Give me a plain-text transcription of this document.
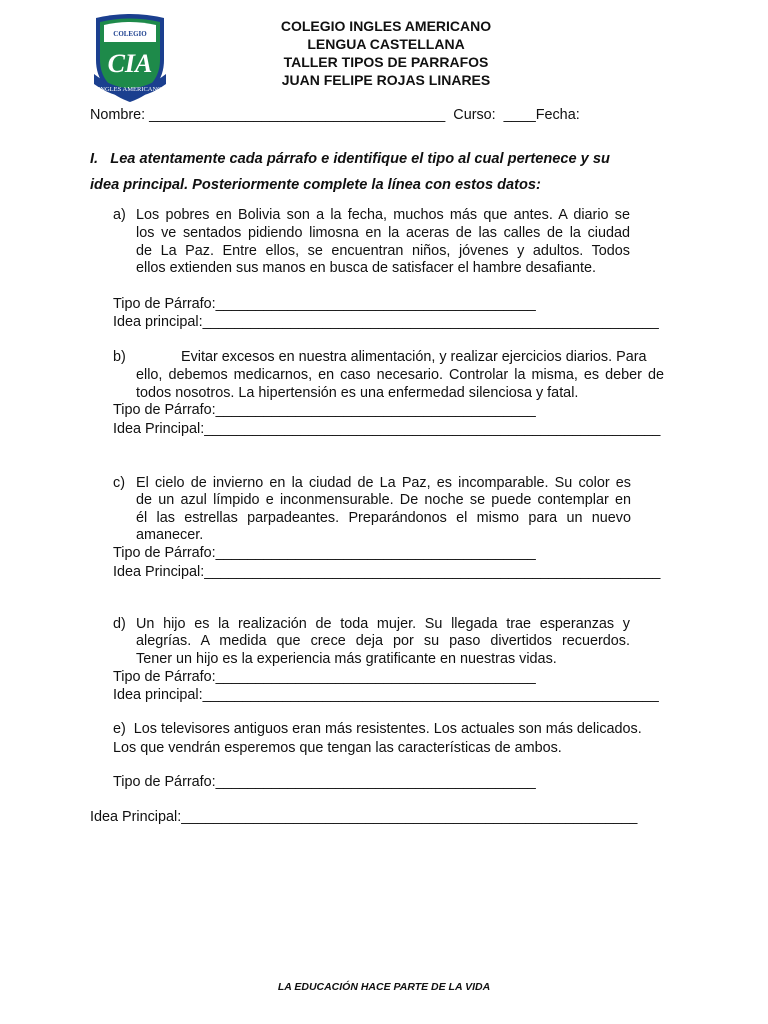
COLEGIO
CIA
INGLES AMERICANO
COLEGIO INGLES AMERICANO
LENGUA CASTELLANA
TALLER TIPOS DE PARRAFOS
JUAN FELIPE ROJAS LINARES
Nombre: _____________________________________  Curso:  ____Fecha:
I.   Lea atentamente cada párrafo e identifique el tipo al cual pertenece y su
idea principal. Posteriormente complete la línea con estos datos:
a) Los pobres en Bolivia son a la fecha, muchos más que antes. A diario se
los ve sentados pidiendo limosna en la aceras de las calles de la ciudad
de La Paz. Entre ellos, se encuentran niños, jóvenes y adultos. Todos
ellos extienden sus manos en busca de satisfacer el hambre desafiante.
Tipo de Párrafo:________________________________________
Idea principal:_________________________________________________________
b)	Evitar excesos en nuestra alimentación, y realizar ejercicios diarios. Para
ello, debemos medicarnos, en caso necesario. Controlar la misma, es deber de
todos nosotros. La hipertensión es una enfermedad silenciosa y fatal.
Tipo de Párrafo:________________________________________
Idea Principal:_________________________________________________________
c) El cielo de invierno en la ciudad de La Paz, es incomparable. Su color es
de un azul límpido e inconmensurable. De noche se puede contemplar en
él las estrellas parpadeantes. Preparándonos el mismo para un nuevo
amanecer.
Tipo de Párrafo:________________________________________
Idea Principal:_________________________________________________________
d) Un hijo es la realización de toda mujer. Su llegada trae esperanzas y
alegrías. A medida que crece deja por su paso divertidos recuerdos.
Tener un hijo es la experiencia más gratificante en nuestras vidas.
Tipo de Párrafo:________________________________________
Idea principal:_________________________________________________________
e)  Los televisores antiguos eran más resistentes. Los actuales son más delicados.
Los que vendrán esperemos que tengan las características de ambos.
Tipo de Párrafo:________________________________________
Idea Principal:_________________________________________________________
LA EDUCACIÓN HACE PARTE DE LA VIDA
